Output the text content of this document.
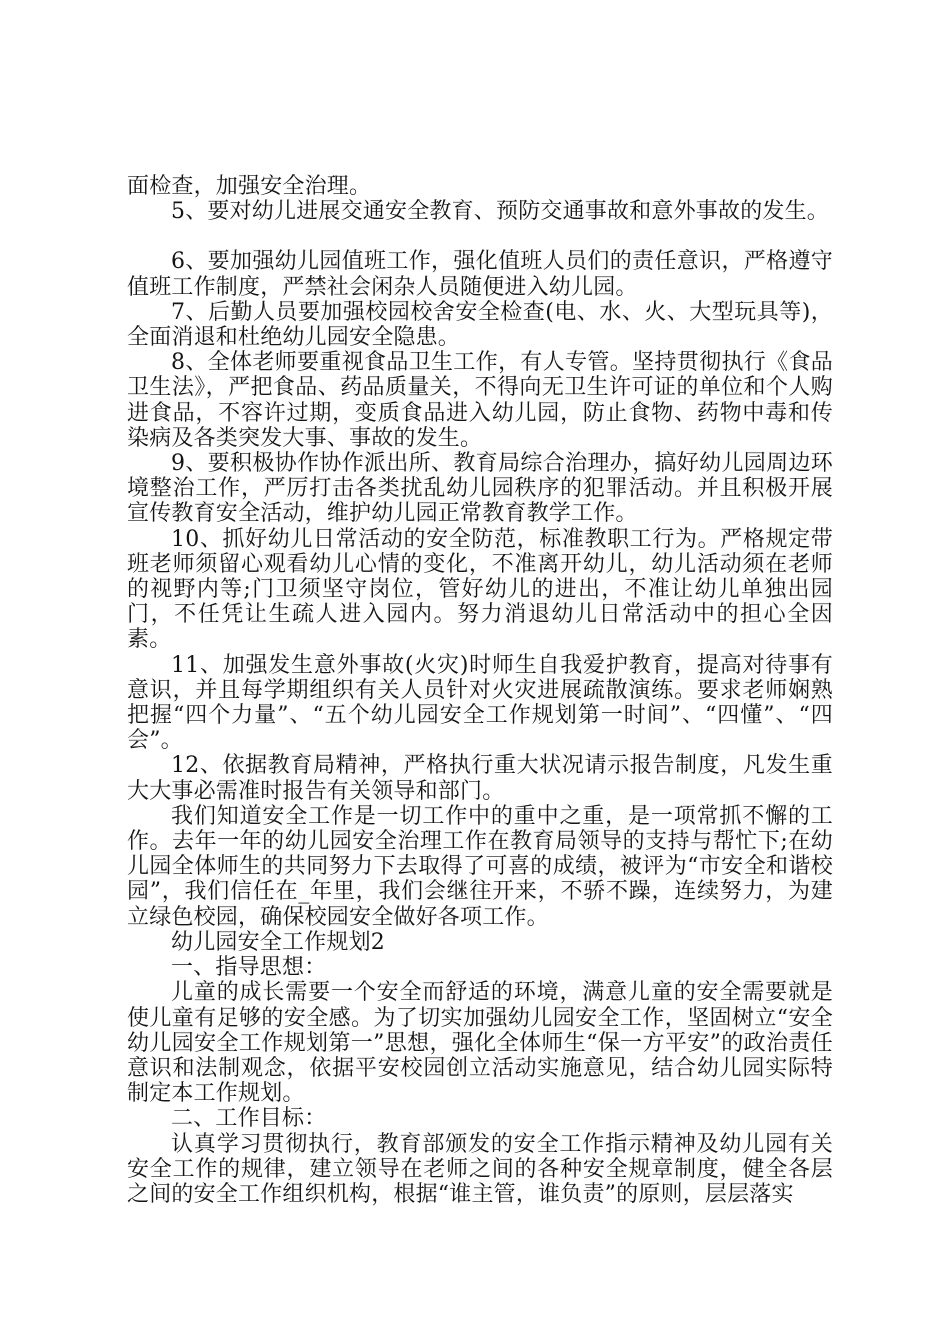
面检查，加强安全治理。

5、要对幼儿进展交通安全教育、预防交通事故和意外事故的发生。

6、要加强幼儿园值班工作，强化值班人员们的责任意识，严格遵守值班工作制度，严禁社会闲杂人员随便进入幼儿园。

7、后勤人员要加强校园校舍安全检查(电、水、火、大型玩具等)，全面消退和杜绝幼儿园安全隐患。

8、全体老师要重视食品卫生工作，有人专管。坚持贯彻执行《食品卫生法》，严把食品、药品质量关，不得向无卫生许可证的单位和个人购进食品，不容许过期，变质食品进入幼儿园，防止食物、药物中毒和传染病及各类突发大事、事故的发生。

9、要积极协作协作派出所、教育局综合治理办，搞好幼儿园周边环境整治工作，严厉打击各类扰乱幼儿园秩序的犯罪活动。并且积极开展宣传教育安全活动，维护幼儿园正常教育教学工作。

10、抓好幼儿日常活动的安全防范，标准教职工行为。严格规定带班老师须留心观看幼儿心情的变化，不准离开幼儿，幼儿活动须在老师的视野内等;门卫须坚守岗位，管好幼儿的进出，不准让幼儿单独出园门，不任凭让生疏人进入园内。努力消退幼儿日常活动中的担心全因素。

11、加强发生意外事故(火灾)时师生自我爱护教育，提高对待事有意识，并且每学期组织有关人员针对火灾进展疏散演练。要求老师娴熟把握“四个力量”、“五个幼儿园安全工作规划第一时间”、“四懂”、“四会”。

12、依据教育局精神，严格执行重大状况请示报告制度，凡发生重大大事必需准时报告有关领导和部门。

我们知道安全工作是一切工作中的重中之重，是一项常抓不懈的工作。去年一年的幼儿园安全治理工作在教育局领导的支持与帮忙下;在幼儿园全体师生的共同努力下去取得了可喜的成绩，被评为“市安全和谐校园”，我们信任在_年里，我们会继往开来，不骄不躁，连续努力，为建立绿色校园，确保校园安全做好各项工作。

幼儿园安全工作规划2

一、指导思想：

儿童的成长需要一个安全而舒适的环境，满意儿童的安全需要就是使儿童有足够的安全感。为了切实加强幼儿园安全工作，坚固树立“安全幼儿园安全工作规划第一”思想，强化全体师生“保一方平安”的政治责任意识和法制观念，依据平安校园创立活动实施意见，结合幼儿园实际特制定本工作规划。

二、工作目标：

认真学习贯彻执行，教育部颁发的安全工作指示精神及幼儿园有关安全工作的规律，建立领导在老师之间的各种安全规章制度，健全各层之间的安全工作组织机构，根据“谁主管，谁负责”的原则，层层落实
